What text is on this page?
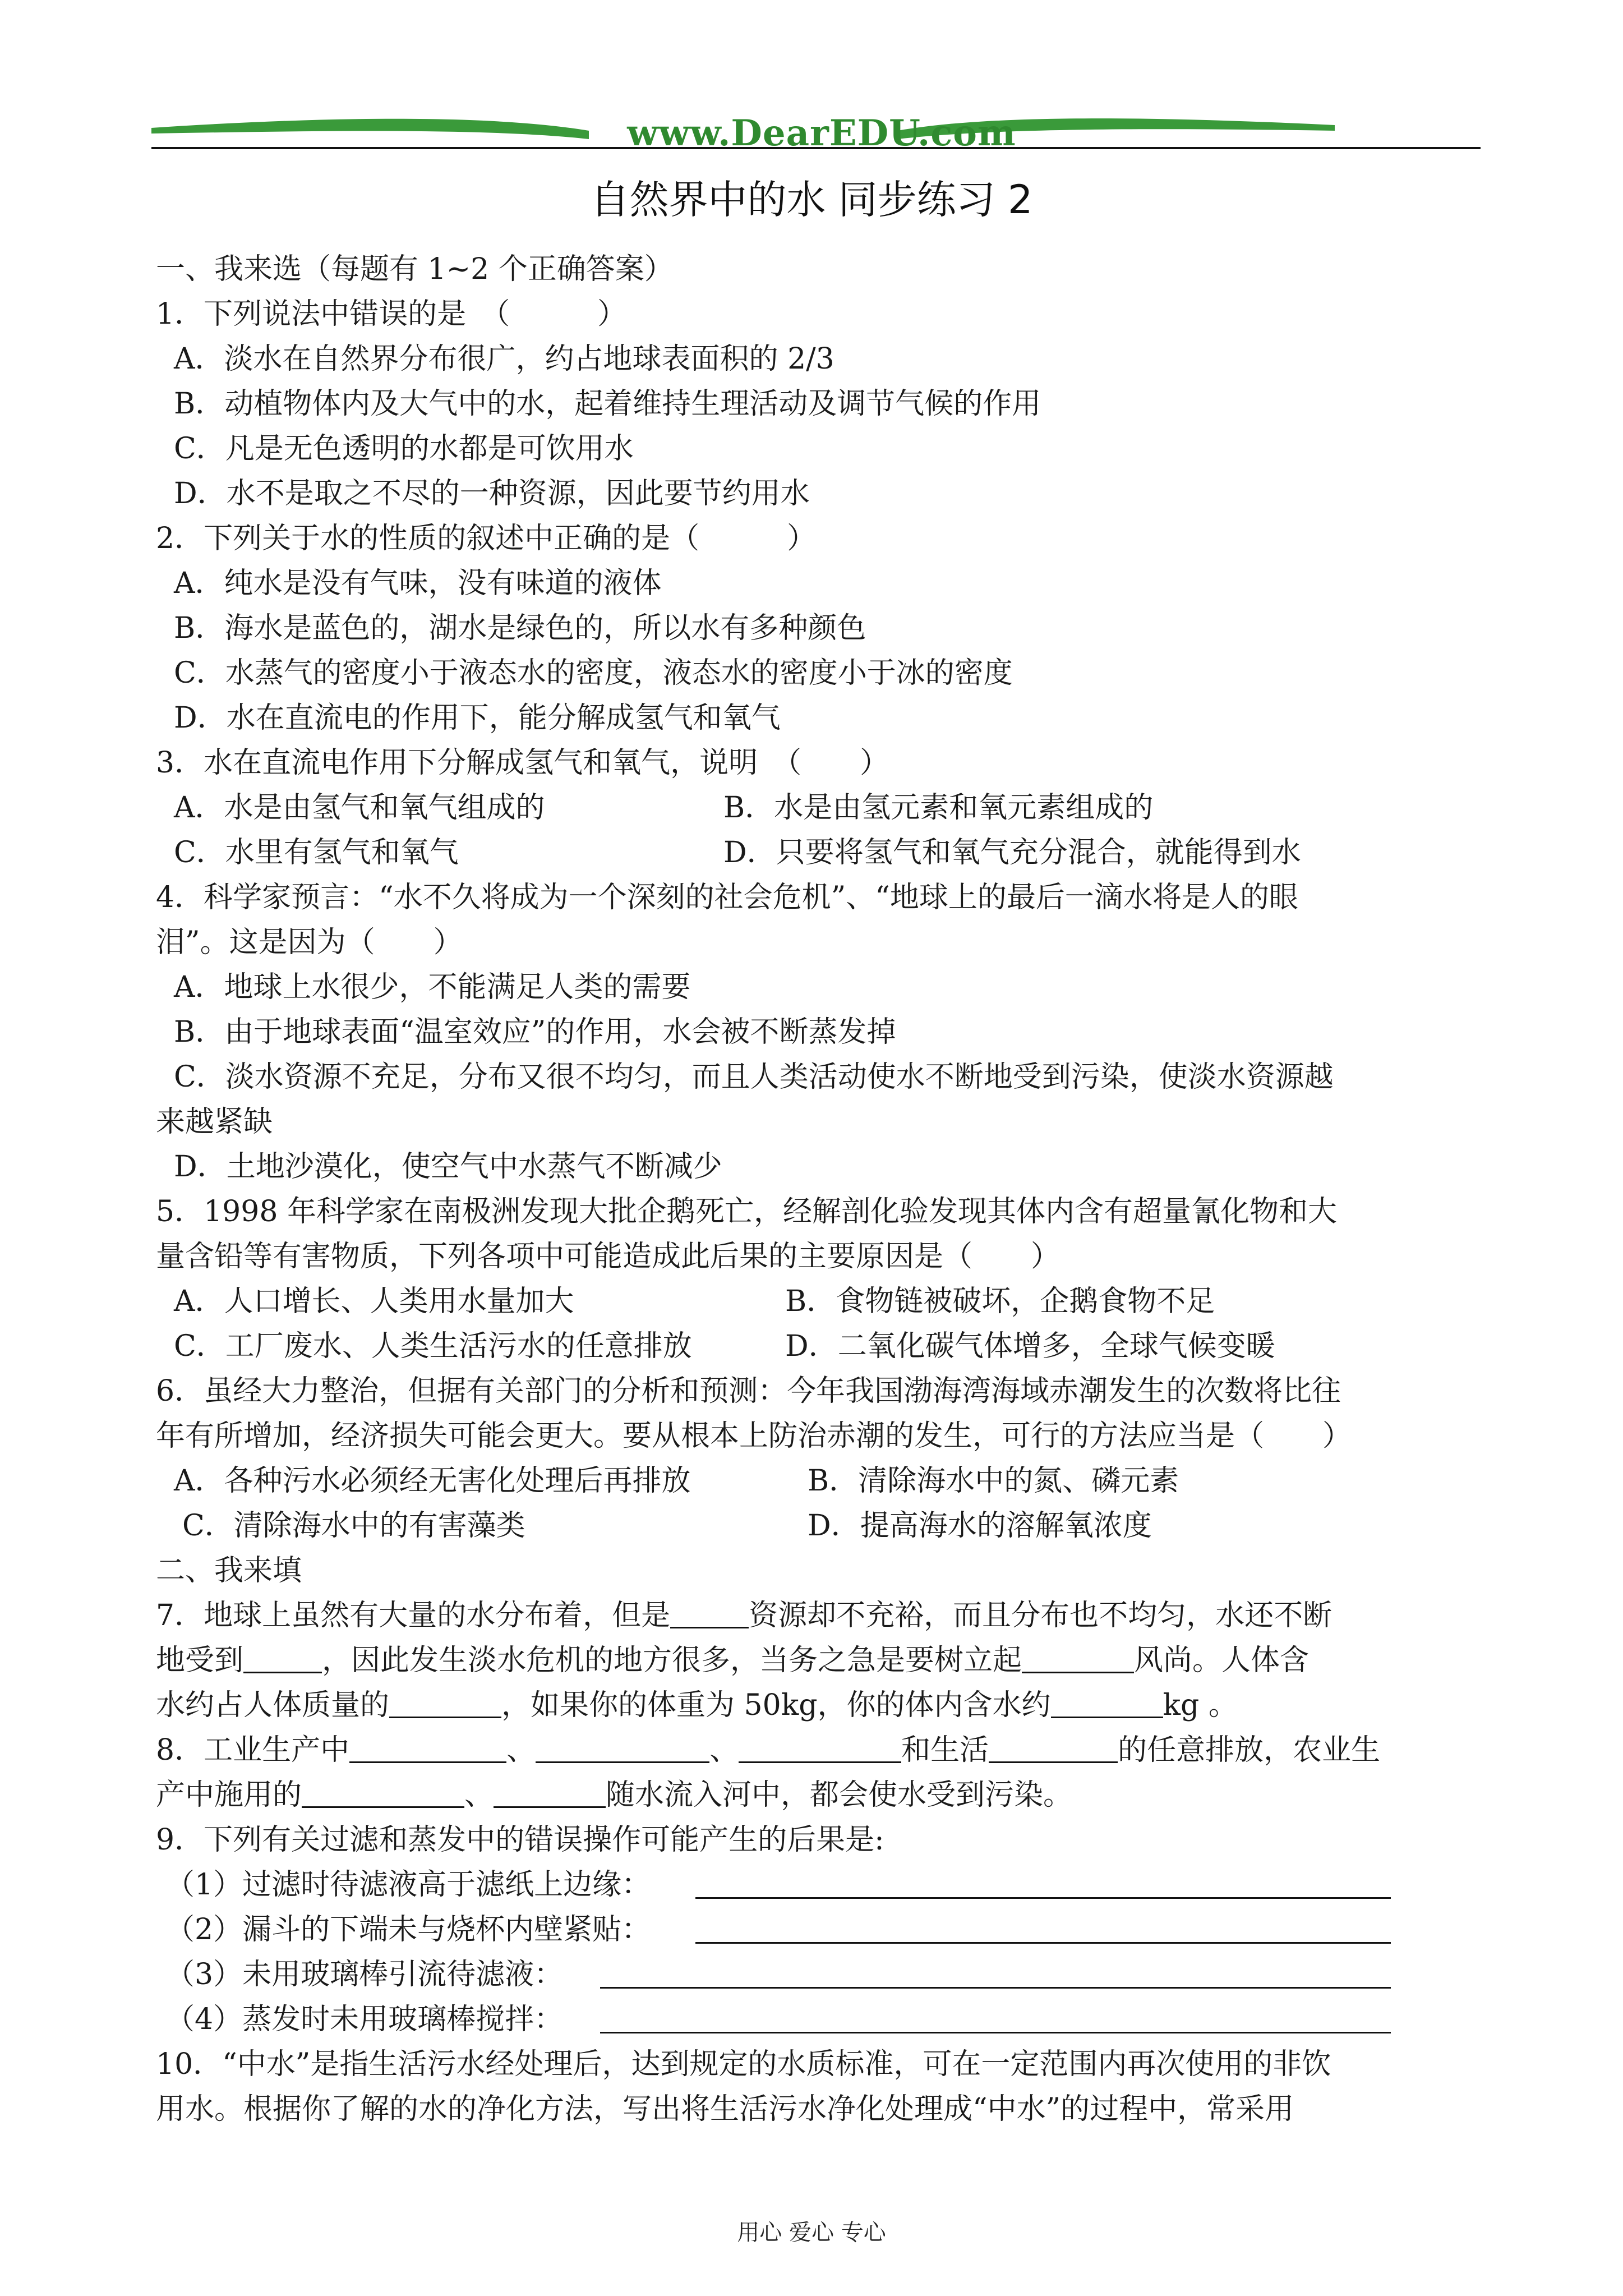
www.DearEDU.com
自然界中的水 同步练习 2
一、我来选（每题有 1~2 个正确答案）
1．下列说法中错误的是　（　　　）
A．淡水在自然界分布很广，约占地球表面积的 2/3
B．动植物体内及大气中的水，起着维持生理活动及调节气候的作用
C．凡是无色透明的水都是可饮用水
D．水不是取之不尽的一种资源，因此要节约用水
2．下列关于水的性质的叙述中正确的是（　　　）
A．纯水是没有气味，没有味道的液体
B．海水是蓝色的，湖水是绿色的，所以水有多种颜色
C．水蒸气的密度小于液态水的密度，液态水的密度小于冰的密度
D．水在直流电的作用下，能分解成氢气和氧气
3．水在直流电作用下分解成氢气和氧气，说明　（　　）
A．水是由氢气和氧气组成的	B．水是由氢元素和氧元素组成的
C．水里有氢气和氧气	D．只要将氢气和氧气充分混合，就能得到水
4．科学家预言：“水不久将成为一个深刻的社会危机”、“地球上的最后一滴水将是人的眼
泪”。这是因为（　　）
A．地球上水很少，不能满足人类的需要
B．由于地球表面“温室效应”的作用，水会被不断蒸发掉
C．淡水资源不充足，分布又很不均匀，而且人类活动使水不断地受到污染，使淡水资源越
来越紧缺
D．土地沙漠化，使空气中水蒸气不断减少
5．1998 年科学家在南极洲发现大批企鹅死亡，经解剖化验发现其体内含有超量氰化物和大
量含铅等有害物质，下列各项中可能造成此后果的主要原因是（　　）
A．人口增长、人类用水量加大	B．食物链被破坏，企鹅食物不足
C．工厂废水、人类生活污水的任意排放	D．二氧化碳气体增多，全球气候变暖
6．虽经大力整治，但据有关部门的分析和预测：今年我国渤海湾海域赤潮发生的次数将比往
年有所增加，经济损失可能会更大。要从根本上防治赤潮的发生，可行的方法应当是（　　）
A．各种污水必须经无害化处理后再排放	B．清除海水中的氮、磷元素
C．清除海水中的有害藻类	D．提高海水的溶解氧浓度
二、我来填
7．地球上虽然有大量的水分布着，但是	资源却不充裕，而且分布也不均匀，水还不断
地受到	，因此发生淡水危机的地方很多，当务之急是要树立起	风尚。人体含
水约占人体质量的	，如果你的体重为 50kg，你的体内含水约	kg 。
8．工业生产中	、	、	和生活	的任意排放，农业生
产中施用的	、	随水流入河中，都会使水受到污染。
9．下列有关过滤和蒸发中的错误操作可能产生的后果是:
（1）过滤时待滤液高于滤纸上边缘：
（2）漏斗的下端未与烧杯内壁紧贴：
（3）未用玻璃棒引流待滤液：
（4）蒸发时未用玻璃棒搅拌：
10．“中水”是指生活污水经处理后，达到规定的水质标准，可在一定范围内再次使用的非饮
用水。根据你了解的水的净化方法，写出将生活污水净化处理成“中水”的过程中，常采用
用心 爱心 专心
